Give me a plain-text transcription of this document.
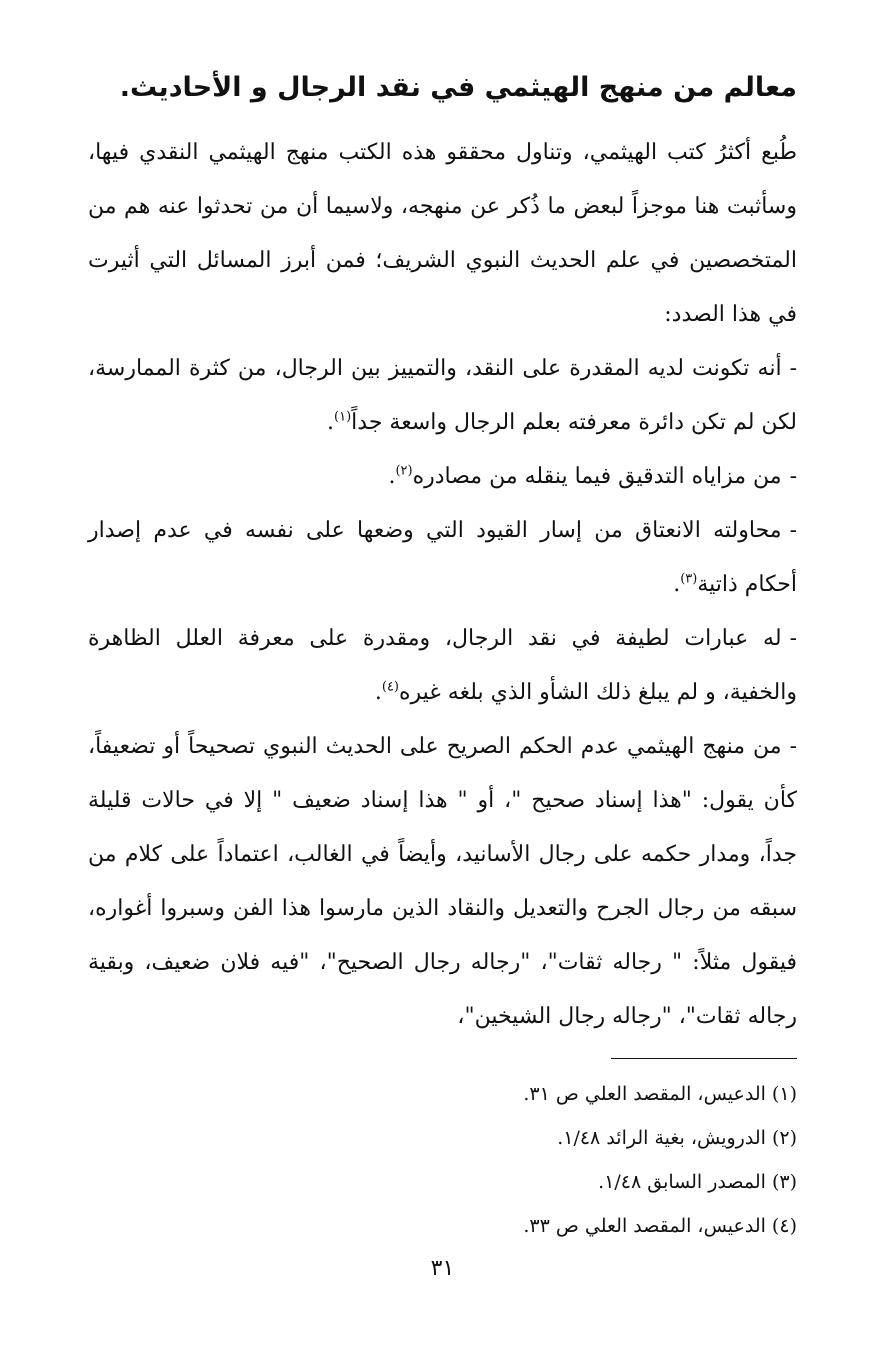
معالم من منهج الهيثمي في نقد الرجال و الأحاديث.

طُبع أكثرُ كتب الهيثمي، وتناول محققو هذه الكتب منهج الهيثمي النقدي فيها، وسأثبت هنا موجزاً لبعض ما ذُكر عن منهجه، ولاسيما أن من تحدثوا عنه هم من المتخصصين في علم الحديث النبوي الشريف؛ فمن أبرز المسائل التي أثيرت في هذا الصدد:

-أنه تكونت لديه المقدرة على النقد، والتمييز بين الرجال، من كثرة الممارسة، لكن لم تكن دائرة معرفته بعلم الرجال واسعة جداً$^{(١)}$.

-من مزاياه التدقيق فيما ينقله من مصادره$^{(٢)}$.

-محاولته الانعتاق من إسار القيود التي وضعها على نفسه في عدم إصدار أحكام ذاتية$^{(٣)}$.

-له عبارات لطيفة في نقد الرجال، ومقدرة على معرفة العلل الظاهرة والخفية، و لم يبلغ ذلك الشأو الذي بلغه غيره$^{(٤)}$.

-من منهج الهيثمي عدم الحكم الصريح على الحديث النبوي تصحيحاً أو تضعيفاً، كأن يقول: "هذا إسناد صحيح "، أو " هذا إسناد ضعيف " إلا في حالات قليلة جداً، ومدار حكمه على رجال الأسانيد، وأيضاً في الغالب، اعتماداً على كلام من سبقه من رجال الجرح والتعديل والنقاد الذين مارسوا هذا الفن وسبروا أغواره، فيقول مثلاً: " رجاله ثقات"، "رجاله رجال الصحيح"، "فيه فلان ضعيف، وبقية رجاله ثقات"، "رجاله رجال الشيخين"،

(١) الدعيس، المقصد العلي ص ٣١.
(٢) الدرويش، بغية الرائد ١/٤٨.
(٣) المصدر السابق ١/٤٨.
(٤) الدعيس، المقصد العلي ص ٣٣.
٣١
